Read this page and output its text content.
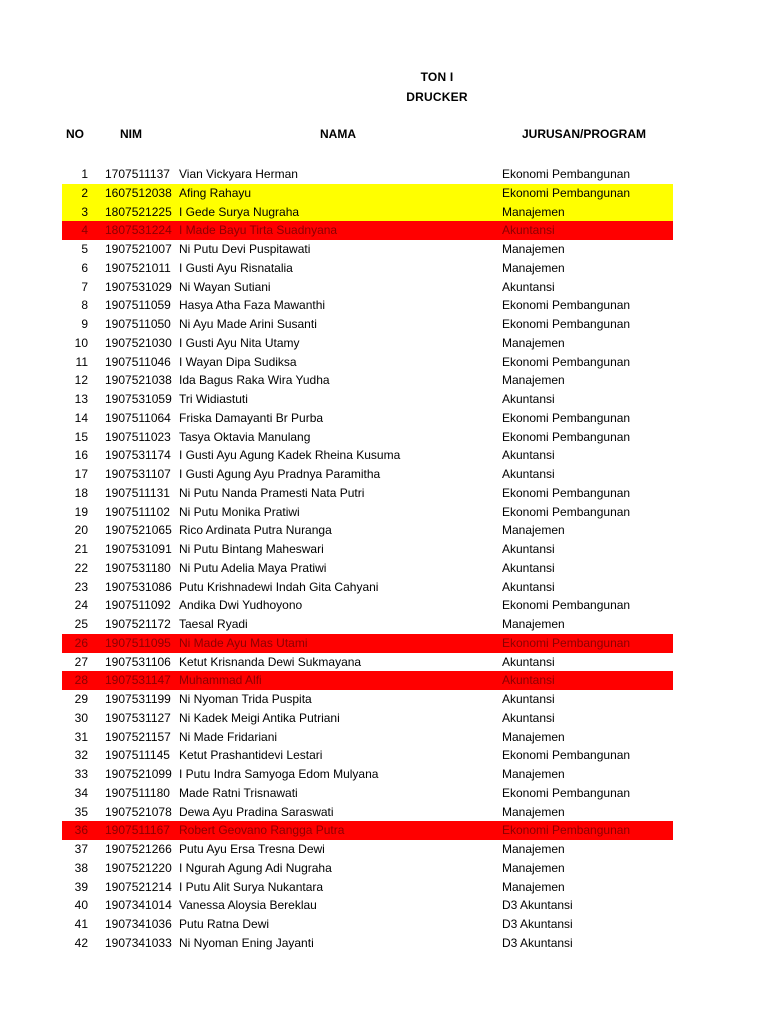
TON I
DRUCKER
NO	NIM	NAMA	JURUSAN/PROGRAM
1 1707511137 Vian Vickyara Herman	Ekonomi Pembangunan
2 1607512038 Afing Rahayu	Ekonomi Pembangunan
3 1807521225 I Gede Surya Nugraha	Manajemen
4 1807531224 I Made Bayu Tirta Suadnyana	Akuntansi
5 1907521007 Ni Putu Devi Puspitawati	Manajemen
6 1907521011 I Gusti Ayu Risnatalia	Manajemen
7 1907531029 Ni Wayan Sutiani	Akuntansi
8 1907511059 Hasya Atha Faza Mawanthi	Ekonomi Pembangunan
9 1907511050 Ni Ayu Made Arini Susanti	Ekonomi Pembangunan
10 1907521030 I Gusti Ayu Nita Utamy	Manajemen
11 1907511046 I Wayan Dipa Sudiksa	Ekonomi Pembangunan
12 1907521038 Ida Bagus Raka Wira Yudha	Manajemen
13 1907531059 Tri Widiastuti	Akuntansi
14 1907511064 Friska Damayanti Br Purba	Ekonomi Pembangunan
15 1907511023 Tasya Oktavia Manulang	Ekonomi Pembangunan
16 1907531174 I Gusti Ayu Agung Kadek Rheina Kusuma	Akuntansi
17 1907531107 I Gusti Agung Ayu Pradnya Paramitha	Akuntansi
18 1907511131 Ni Putu Nanda Pramesti Nata Putri	Ekonomi Pembangunan
19 1907511102 Ni Putu Monika Pratiwi	Ekonomi Pembangunan
20 1907521065 Rico Ardinata Putra Nuranga	Manajemen
21 1907531091 Ni Putu Bintang Maheswari	Akuntansi
22 1907531180 Ni Putu Adelia Maya Pratiwi	Akuntansi
23 1907531086 Putu Krishnadewi Indah Gita Cahyani	Akuntansi
24 1907511092 Andika Dwi Yudhoyono	Ekonomi Pembangunan
25 1907521172 Taesal Ryadi	Manajemen
26 1907511095 Ni Made Ayu Mas Utami	Ekonomi Pembangunan
27 1907531106 Ketut Krisnanda Dewi Sukmayana	Akuntansi
28 1907531147 Muhammad Alfi	Akuntansi
29 1907531199 Ni Nyoman Trida Puspita	Akuntansi
30 1907531127 Ni Kadek Meigi Antika Putriani	Akuntansi
31 1907521157 Ni Made Fridariani	Manajemen
32 1907511145 Ketut Prashantidevi Lestari	Ekonomi Pembangunan
33 1907521099 I Putu Indra Samyoga Edom Mulyana	Manajemen
34 1907511180 Made Ratni Trisnawati	Ekonomi Pembangunan
35 1907521078 Dewa Ayu Pradina Saraswati	Manajemen
36 1907511167 Robert Geovano Rangga Putra	Ekonomi Pembangunan
37 1907521266 Putu Ayu Ersa Tresna Dewi	Manajemen
38 1907521220 I Ngurah Agung Adi Nugraha	Manajemen
39 1907521214 I Putu Alit Surya Nukantara	Manajemen
40 1907341014 Vanessa Aloysia Bereklau	D3 Akuntansi
41 1907341036 Putu Ratna Dewi	D3 Akuntansi
42 1907341033 Ni Nyoman Ening Jayanti	D3 Akuntansi
